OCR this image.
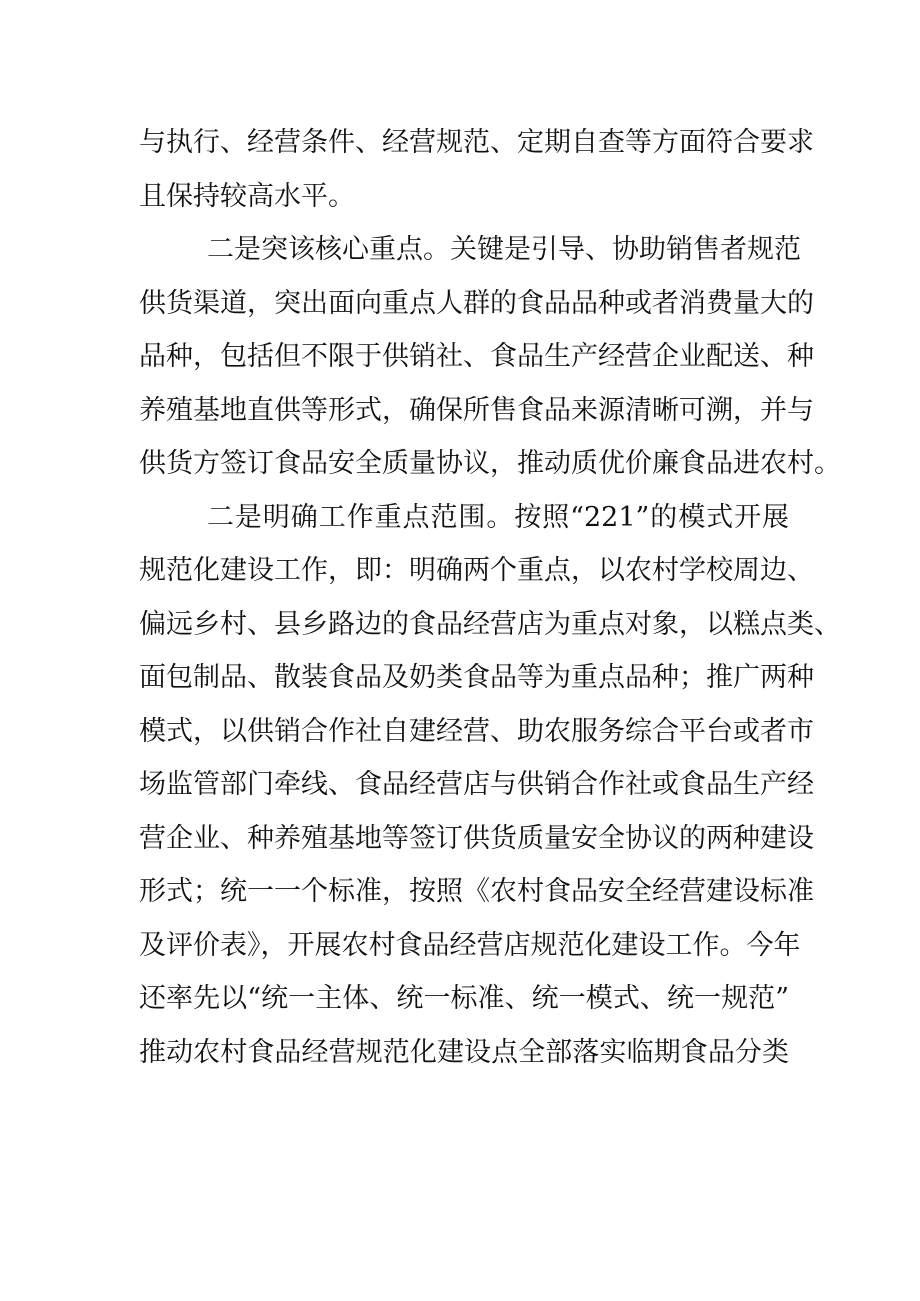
与执行、经营条件、经营规范、定期自查等方面符合要求
且保持较高水平。
二是突该核心重点。关键是引导、协助销售者规范
供货渠道，突出面向重点人群的食品品种或者消费量大的
品种，包括但不限于供销社、食品生产经营企业配送、种
养殖基地直供等形式，确保所售食品来源清晰可溯，并与
供货方签订食品安全质量协议，推动质优价廉食品进农村。
二是明确工作重点范围。按照“221”的模式开展
规范化建设工作，即：明确两个重点，以农村学校周边、
偏远乡村、县乡路边的食品经营店为重点对象，以糕点类、
面包制品、散装食品及奶类食品等为重点品种；推广两种
模式，以供销合作社自建经营、助农服务综合平台或者市
场监管部门牵线、食品经营店与供销合作社或食品生产经
营企业、种养殖基地等签订供货质量安全协议的两种建设
形式；统一一个标准，按照《农村食品安全经营建设标准
及评价表》，开展农村食品经营店规范化建设工作。今年
还率先以“统一主体、统一标准、统一模式、统一规范”
推动农村食品经营规范化建设点全部落实临期食品分类
